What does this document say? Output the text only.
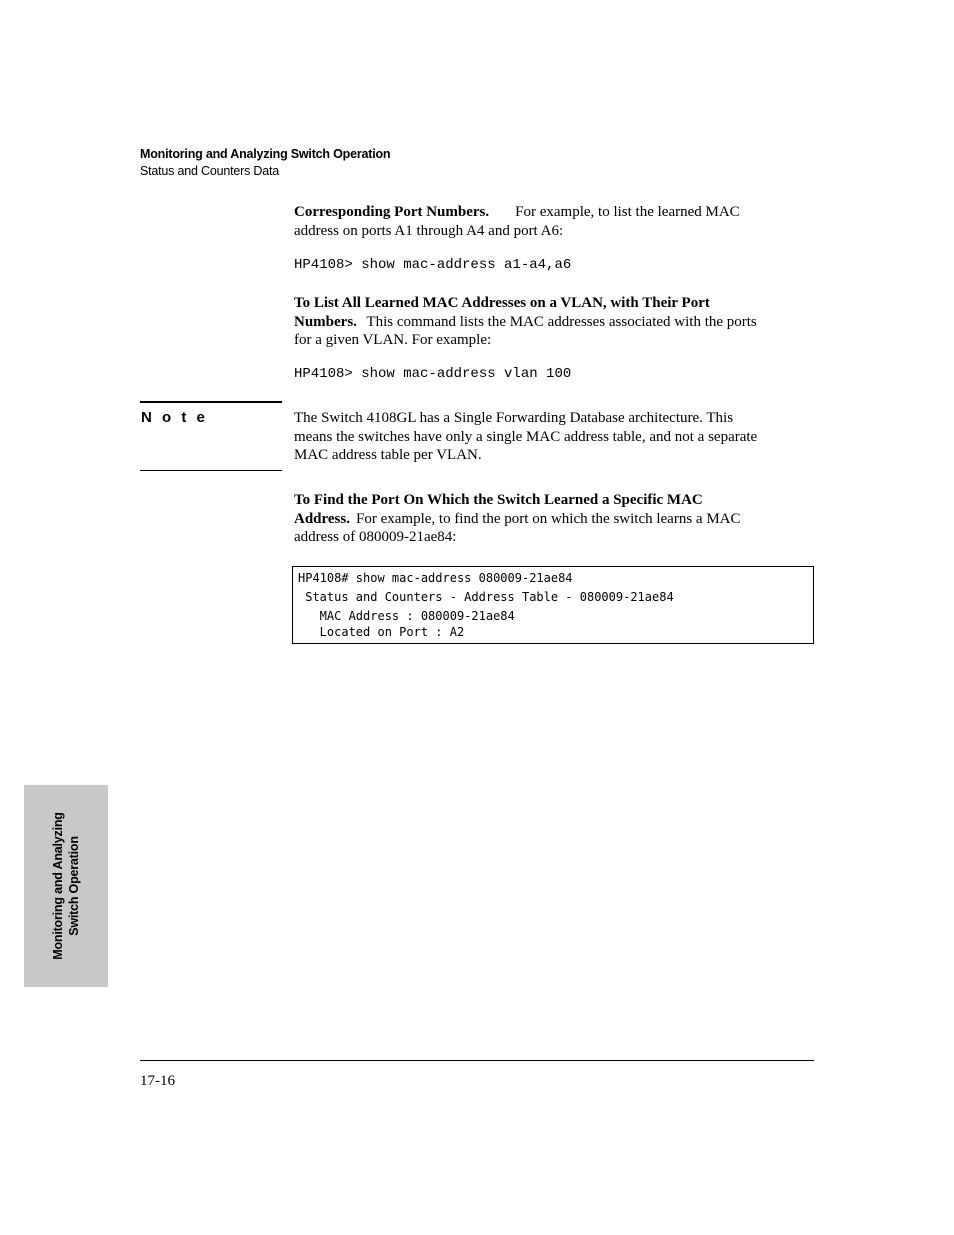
Monitoring and Analyzing Switch Operation
Status and Counters Data
Corresponding Port Numbers. For example, to list the learned MAC
address on ports A1 through A4 and port A6:
HP4108> show mac-address a1-a4,a6
To List All Learned MAC Addresses on a VLAN, with Their Port
Numbers. This command lists the MAC addresses associated with the ports
for a given VLAN. For example:
HP4108> show mac-address vlan 100
N o t e	The Switch 4108GL has a Single Forwarding Database architecture. This
means the switches have only a single MAC address table, and not a separate
MAC address table per VLAN.
To Find the Port On Which the Switch Learned a Specific MAC
Address. For example, to find the port on which the switch learns a MAC
address of 080009-21ae84:
HP4108# show mac-address 080009-21ae84
Status and Counters - Address Table - 080009-21ae84
MAC Address : 080009-21ae84
Located on Port : A2
Monitoring and Analyzing Switch Operation
17-16
